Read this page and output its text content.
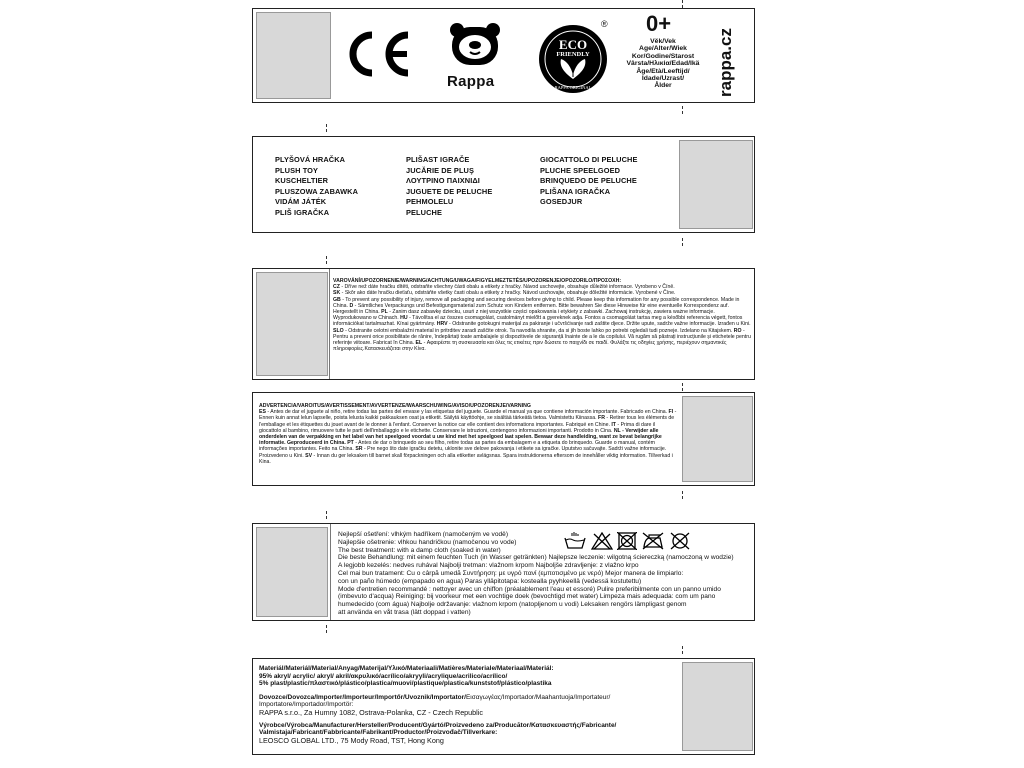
Rappa
®
ECO
FRIENDLY
RAPPA ORIGINAL
0+
Věk/Vek
Age/Alter/Wiek
Kor/Godine/Starost
Vârsta/Ηλικία/Edad/Ikä
Âge/Età/Leeftijd/
Idade/Uzrast/
Ålder	rappa.cz
PLYŠOVÁ HRAČKA
PLUSH TOY
KUSCHELTIER
PLUSZOWA ZABAWKA
VIDÁM JÁTÉK
PLIŠ IGRAČKA
PLIŠAST IGRAČE
JUCĂRIE DE PLUŞ
ΛΟΥΤΡΙΝΟ ΠΑΙΧΝΙΔΙ
JUGUETE DE PELUCHE
PEHMOLELU
PELUCHE
GIOCATTOLO DI PELUCHE
PLUCHE SPEELGOED
BRINQUEDO DE PELUCHE
PLIŠANA IGRAČKA
GOSEDJUR
VAROVÁNÍ/UPOZORNENIE/WARNING/ACHTUNG/UWAGA/FIGYELMEZTETÉS/UPOZORENJE/OPOZORILO/ΠΡΟΣΟΧΗ:
CZ - Dříve než dáte hračku dítěti, odstraňte všechny části obalu a etikety z hračky. Návod uschovejte, obsahuje důležité informace. Vyrobeno v Číně.
SK - Skôr ako dáte hračku dieťaťu, odstráňte všetky časti obalu a etikety z hračky. Návod uschovajte, obsahuje dôležité informácie. Vyrobené v Číne.
GB - To prevent any possibility of injury, remove all packaging and securing devices before giving to child. Please keep this information for any possible correspondence. Made in China. D - Sämtliches Verpackungs und Befestigungsmaterial zum Schutz von Kindern entfernen. Bitte bewahren Sie diese Hinweise für eine eventuelle Korrespondenz auf. Hergestellt in China. PL - Zanim dasz zabawkę dziecku, usuń z niej wszystkie części opakowania i etykiety z zabawki. Zachowaj instrukcję, zawiera ważne informacje. Wyprodukowano w Chinach. HU - Távolítsa el az összes csomagolást, csatolmányt mielőtt a gyereknek adja. Fontos a csomagolást tartsa meg a későbbi referencia végett, fontos információkat tartalmazhat. Kínai gyártmány. HRV - Odstranite gotokugni materijal za pakiranje i učvršćivanje radi zaštite djece. Držite upute, sadrže važne informacije. Izrađen u Kini. SLO - Odstranite celotni embalažni material in pritrditev zaradi zaščite otrok. Ta navodila shranite, da si jih boste lahko po potrebi ogledali tudi pozneje. Izdelano na Kitajskem. RO - Pentru a preveni orice posibilitate de rănire, îndepărtați toate ambalajele și dispozitivele de siguranță înainte de a le da copilului. Vă rugăm să păstrați instrucțiunile și etichetele pentru referințe viitoare. Fabricat în China. EL - Αφαιρέστε τη συσκευασία και όλες τις ετικέτες πριν δώσετε το παιχνίδι σε παιδί. Φυλάξτε τις οδηγίες χρήσης, περιέχουν σημαντικές πληροφορίες.Κατασκευάζεται στην Κίνα.
ADVERTENCIA/VAROITUS/AVERTISSEMENT/AVVERTENZE/WAARSCHUWING/AVISO/UPOZORENJE/VARNING
ES - Antes de dar el juguete al niño, retire todas las partes del envase y las etiquetas del juguete. Guarde el manual ya que contiene información importante. Fabricado en China. FI - Ennen kuin annat lelun lapselle, poista lelusta kaikki pakkauksen osat ja etiketit. Säilytä käyttöohje, se sisältää tärkeätä tietoa. Valmistettu Kiinassa. FR - Retirer tous les éléments de l'emballage et les étiquettes du jouet avant de le donner à l'enfant. Conserver la notice car elle contient des informations importantes. Fabriqué en Chine. IT - Prima di dare il giocattolo al bambino, rimuovere tutte le parti dell'imballaggio e le etichette. Conservare le istruzioni, contengono informazioni importanti. Prodotto in Cina. NL - Verwijder alle onderdelen van de verpakking en het label van het speelgoed voordat u uw kind met het speelgoed laat spelen. Bewaar deze handleiding, want ze bevat belangrijke informatie. Geproduceerd in China. PT - Antes de dar o brinquedo ao seu filho, retire todas as partes da embalagem e a etiqueta do brinquedo. Guarde o manual, contém informações importantes. Feito na China. SR - Pre nego što date igračku detetu, uklonite sve delove pakovanja i etikete sa igračke. Uputstvo sačuvajte. Sadrži važne informacije. Proizvedeno u Kini. SV - Innan du ger leksaken till barnet skall förpackningen och alla etiketter avlägsnas. Spara instruktionerna eftersom de innehåller viktig information. Tillverkad i Kina.
Nejlepší ošetření: vlhkým hadříkem (namočeným ve vodě)
Najlepšie ošetrenie: vlhkou handričkou (namočenou vo vode)
The best treatment: with a damp cloth (soaked in water)
Die beste Behandlung: mit einem feuchten Tuch (in Wasser getränkten) Najlepsze leczenie: wilgotną ściereczką (namoczoną w wodzie)
A legjobb kezelés: nedves ruhával Najbolji tretman: vlažnom krpom Najboljše zdravljenje: z vlažno krpo
Cel mai bun tratament: Cu o cârpă umedă Συντήρηση: με υγρό πανί (εμποτισμένο με νερό) Mejor manera de limpiarlo:
con un paño húmedo (empapado en agua) Paras ylläpitotapa: kostealla pyyhkeellä (vedessä kostutettu)
Mode d'entretien recommandé : nettoyer avec un chiffon (préalablement l'eau et essoré) Pulire preferibilmente con un panno umido
(imbevuto d'acqua) Reiniging: bij voorkeur met een vochtige doek (bevochtigd met water) Limpeza mais adequada: com um pano
humedecido (com água) Najbolje održavanje: vlažnom krpom (natopljenom u vodi) Leksaken rengörs lämpligast genom
att använda en våt trasa (lätt doppad i vatten)
Materiál/Materiál/Material/Anyag/Materijal/Υλικό/Materiaali/Matières/Materiale/Materiaal/Materiál:
95% akryl/ acrylic/ akryl/ akril/ακρυλικό/acrílico/akryyli/acrylique/acrilico/acrílico/
5% plast/plastic/πλαστικό/plástico/plastica/muovi/plastique/plastica/kunststof/plástico/plastika
Dovozce/Dovozca/Importer/Importeur/Importőr/Uvoznik/Importator/Εισαγωγέας/Importador/Maahantuoja/Importateur/
Importatore/Importador/Importör:
RAPPA s.r.o., Za Humny 1082, Ostrava-Polanka, CZ - Czech Republic
Výrobce/Výrobca/Manufacturer/Hersteller/Producent/Gyártó/Proizvedeno za/Producător/Κατασκευαστής/Fabricante/
Valmistaja/Fabricant/Fabbricante/Fabrikant/Productor/Proizvođač/Tillverkare:
LEOSCO GLOBAL LTD., 75 Mody Road, TST, Hong Kong
